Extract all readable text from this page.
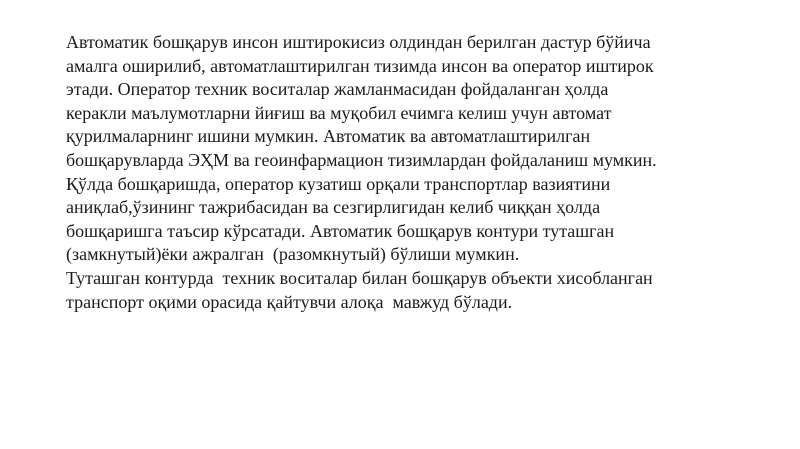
Автоматик бошқарув инсон иштирокисиз олдиндан берилган дастур бўйича
амалга оширилиб, автоматлаштирилган тизимда инсон ва оператор иштирок
этади. Оператор техник воситалар жамланмасидан фойдаланган ҳолда
керакли маълумотларни йиғиш ва муқобил ечимга келиш учун автомат
қурилмаларнинг ишини мумкин. Автоматик ва автоматлаштирилган
бошқарувларда ЭҲМ ва геоинфармацион тизимлардан фойдаланиш мумкин.
Қўлда бошқаришда, оператор кузатиш орқали транспортлар вазиятини
аниқлаб,ўзининг тажрибасидан ва сезгирлигидан келиб чиққан ҳолда
бошқаришга таъсир кўрсатади. Автоматик бошқарув контури туташган
(замкнутый)ёки ажралган  (разомкнутый) бўлиши мумкин.
Туташган контурда  техник воситалар билан бошқарув объекти хисобланган
транспорт оқими орасида қайтувчи алоқа  мавжуд бўлади.
